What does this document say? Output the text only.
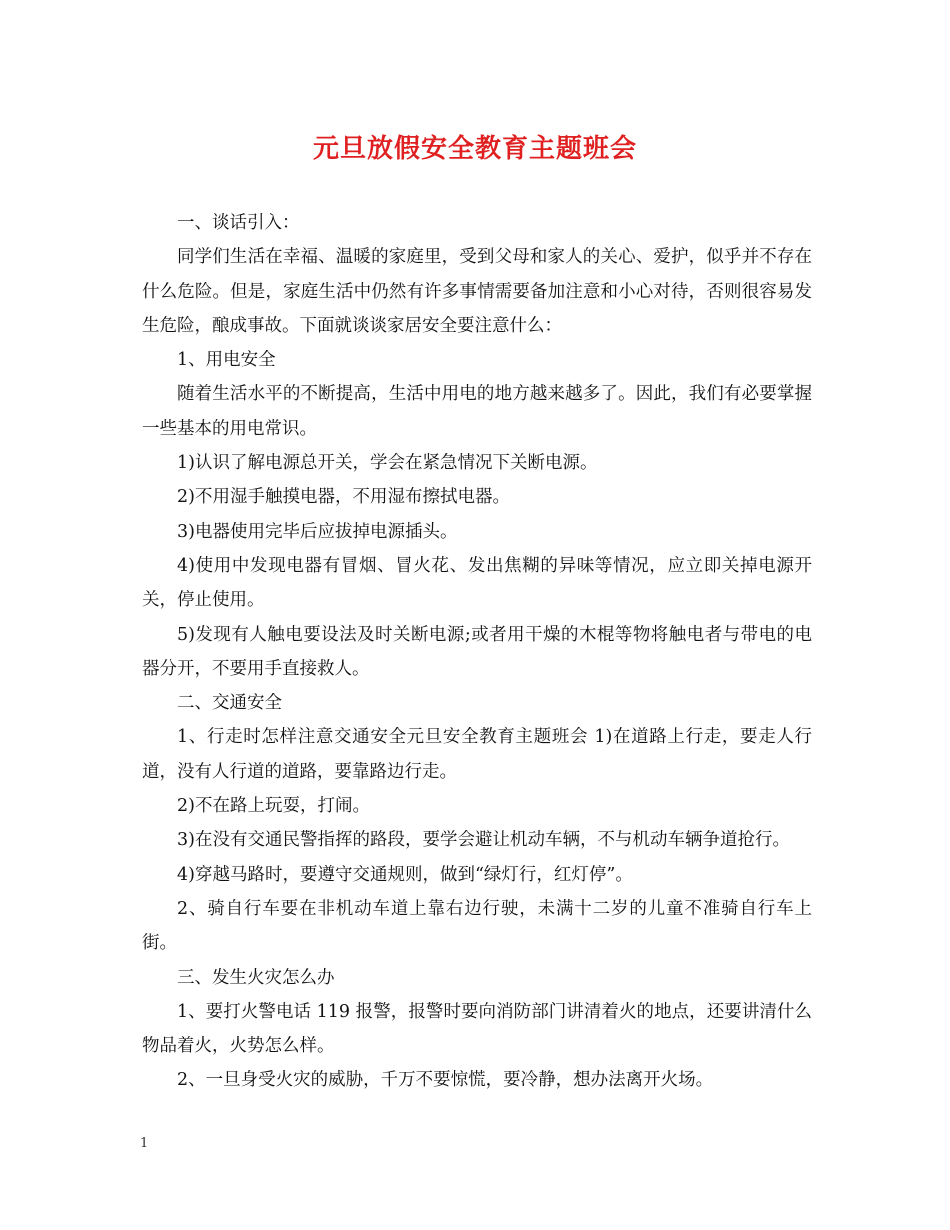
元旦放假安全教育主题班会

一、谈话引入：

同学们生活在幸福、温暖的家庭里，受到父母和家人的关心、爱护，似乎并不存在什么危险。但是，家庭生活中仍然有许多事情需要备加注意和小心对待，否则很容易发生危险，酿成事故。下面就谈谈家居安全要注意什么：

1、用电安全

随着生活水平的不断提高，生活中用电的地方越来越多了。因此，我们有必要掌握一些基本的用电常识。

1)认识了解电源总开关，学会在紧急情况下关断电源。

2)不用湿手触摸电器，不用湿布擦拭电器。

3)电器使用完毕后应拔掉电源插头。

4)使用中发现电器有冒烟、冒火花、发出焦糊的异味等情况，应立即关掉电源开关，停止使用。

5)发现有人触电要设法及时关断电源;或者用干燥的木棍等物将触电者与带电的电器分开，不要用手直接救人。

二、交通安全

1、行走时怎样注意交通安全元旦安全教育主题班会 1)在道路上行走，要走人行道，没有人行道的道路，要靠路边行走。

2)不在路上玩耍，打闹。

3)在没有交通民警指挥的路段，要学会避让机动车辆，不与机动车辆争道抢行。

4)穿越马路时，要遵守交通规则，做到“绿灯行，红灯停”。

2、骑自行车要在非机动车道上靠右边行驶，未满十二岁的儿童不准骑自行车上街。

三、发生火灾怎么办

1、要打火警电话 119 报警，报警时要向消防部门讲清着火的地点，还要讲清什么物品着火，火势怎么样。

2、一旦身受火灾的威胁，千万不要惊慌，要冷静，想办法离开火场。

1
